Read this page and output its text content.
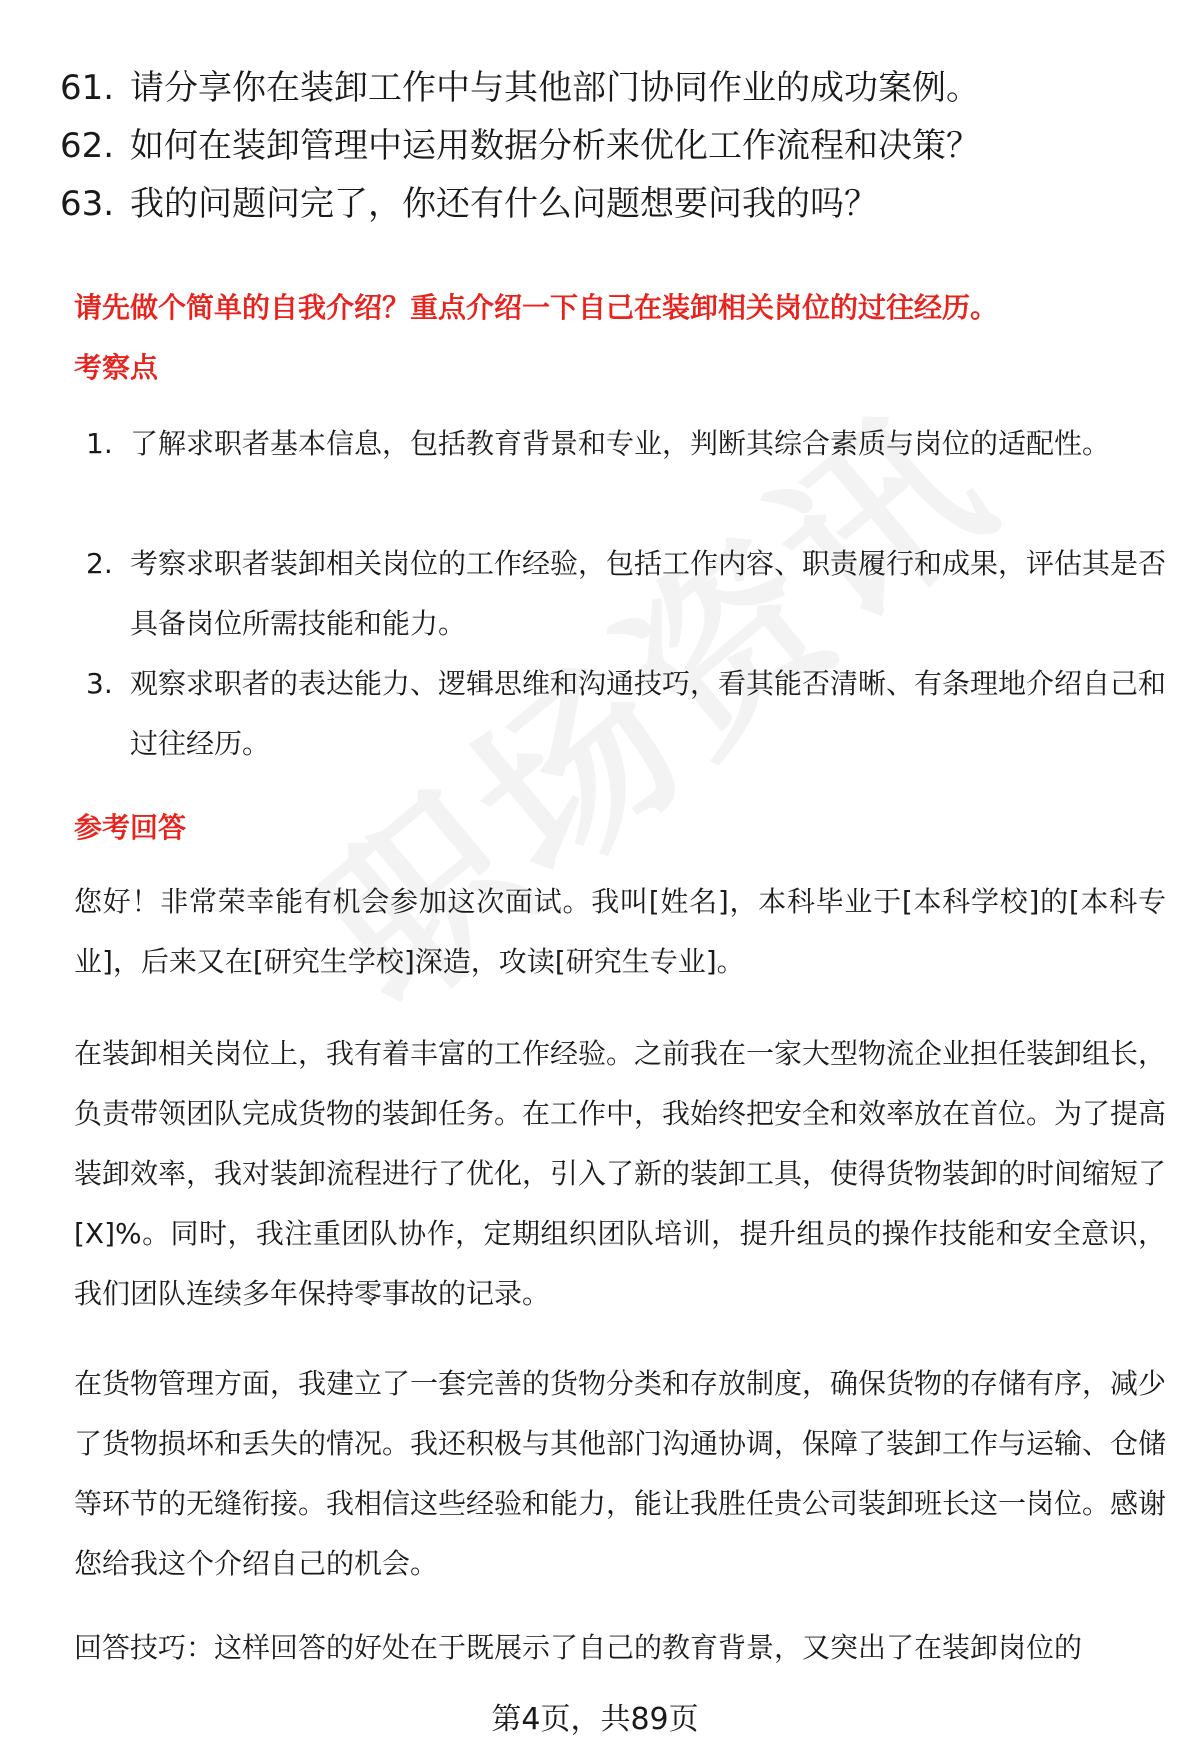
61. 请分享你在装卸工作中与其他部门协同作业的成功案例。
62. 如何在装卸管理中运用数据分析来优化工作流程和决策？
63. 我的问题问完了，你还有什么问题想要问我的吗？
请先做个简单的自我介绍？重点介绍一下自己在装卸相关岗位的过往经历。
考察点
1. 了解求职者基本信息，包括教育背景和专业，判断其综合素质与岗位的适配性。
2. 考察求职者装卸相关岗位的工作经验，包括工作内容、职责履行和成果，评估其是否具备岗位所需技能和能力。
3. 观察求职者的表达能力、逻辑思维和沟通技巧，看其能否清晰、有条理地介绍自己和过往经历。
参考回答
您好！非常荣幸能有机会参加这次面试。我叫[姓名]，本科毕业于[本科学校]的[本科专业]，后来又在[研究生学校]深造，攻读[研究生专业]。
在装卸相关岗位上，我有着丰富的工作经验。之前我在一家大型物流企业担任装卸组长，负责带领团队完成货物的装卸任务。在工作中，我始终把安全和效率放在首位。为了提高装卸效率，我对装卸流程进行了优化，引入了新的装卸工具，使得货物装卸的时间缩短了[X]%。同时，我注重团队协作，定期组织团队培训，提升组员的操作技能和安全意识，我们团队连续多年保持零事故的记录。
在货物管理方面，我建立了一套完善的货物分类和存放制度，确保货物的存储有序，减少了货物损坏和丢失的情况。我还积极与其他部门沟通协调，保障了装卸工作与运输、仓储等环节的无缝衔接。我相信这些经验和能力，能让我胜任贵公司装卸班长这一岗位。感谢您给我这个介绍自己的机会。
回答技巧：这样回答的好处在于既展示了自己的教育背景，又突出了在装卸岗位的
第4页，共89页
